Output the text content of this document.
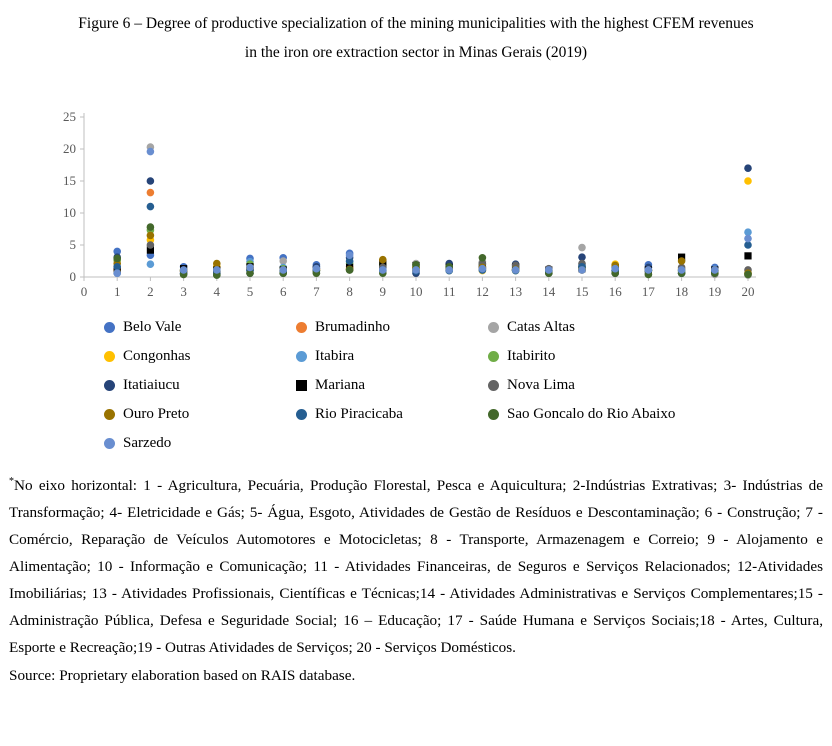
Figure 6 – Degree of productive specialization of the mining municipalities with the highest CFEM revenues
in the iron ore extraction sector in Minas Gerais (2019)
0
5
10
15
20
25
0 1 2 3 4 5 6 7 8 9 10 11 12 13 14 15 16 17 18 19 20
Belo Vale	Brumadinho	Catas Altas
Congonhas	Itabira	Itabirito
Itatiaiucu	Mariana	Nova Lima
Ouro Preto	Rio Piracicaba	Sao Goncalo do Rio Abaixo
Sarzedo

*No eixo horizontal: 1 - Agricultura, Pecuária, Produção Florestal, Pesca e Aquicultura; 2-Indústrias Extrativas; 3- Indústrias de Transformação; 4- Eletricidade e Gás; 5- Água, Esgoto, Atividades de Gestão de Resíduos e Descontaminação; 6 - Construção; 7 - Comércio, Reparação de Veículos Automotores e Motocicletas; 8 - Transporte, Armazenagem e Correio; 9 - Alojamento e Alimentação; 10 - Informação e Comunicação; 11 - Atividades Financeiras, de Seguros e Serviços Relacionados; 12-Atividades Imobiliárias; 13 - Atividades Profissionais, Científicas e Técnicas;14 - Atividades Administrativas e Serviços Complementares;15 - Administração Pública, Defesa e Seguridade Social; 16 – Educação; 17 - Saúde Humana e Serviços Sociais;18 - Artes, Cultura, Esporte e Recreação;19 - Outras Atividades de Serviços; 20 - Serviços Domésticos.

Source: Proprietary elaboration based on RAIS database.
